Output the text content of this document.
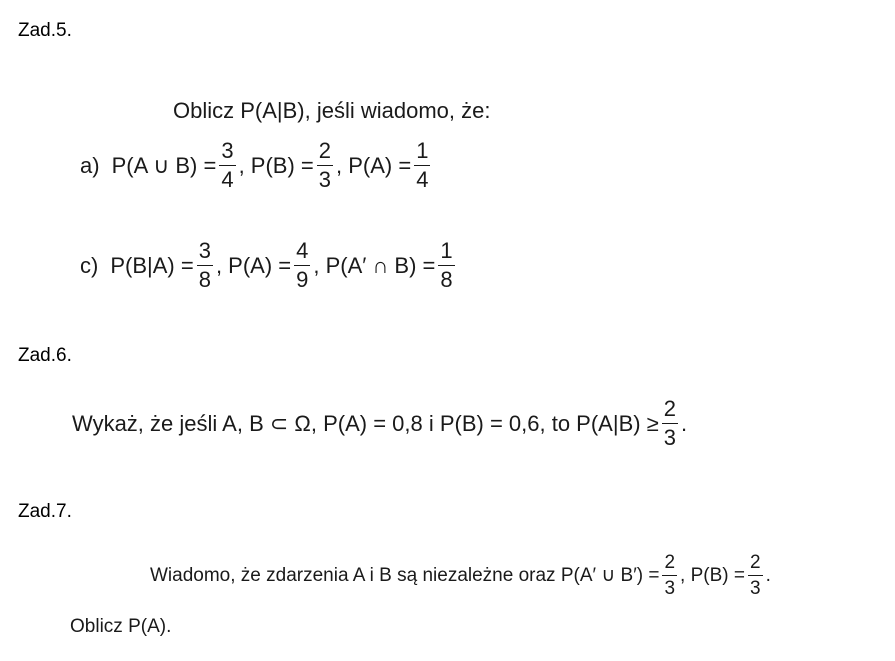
Zad.5.
Oblicz P(A|B), jeśli wiadomo, że:
a) P(A ∪ $B) = \frac{3}{4}$ , $P(B) = \frac{2}{3}$ , $P(A) = \frac{1}{4}$
c) $P(B|A) = \frac{3}{8}$ , $P(A) = \frac{4}{9}$ , P(A′ ∩ $B) = \frac{1}{8}$
Zad.6.
Wykaż, że jeśli A, B ⊂ Ω, P(A) = 0,8 i P(B) = 0,6, to $P(A|B) \ge \frac{2}{3}$ .
Zad.7.
Wiadomo, że zdarzenia A i B są niezależne oraz P(A′ ∪ $B') = \frac{2}{3}$ , $P(B) = \frac{2}{3}$ .
Oblicz P(A).
